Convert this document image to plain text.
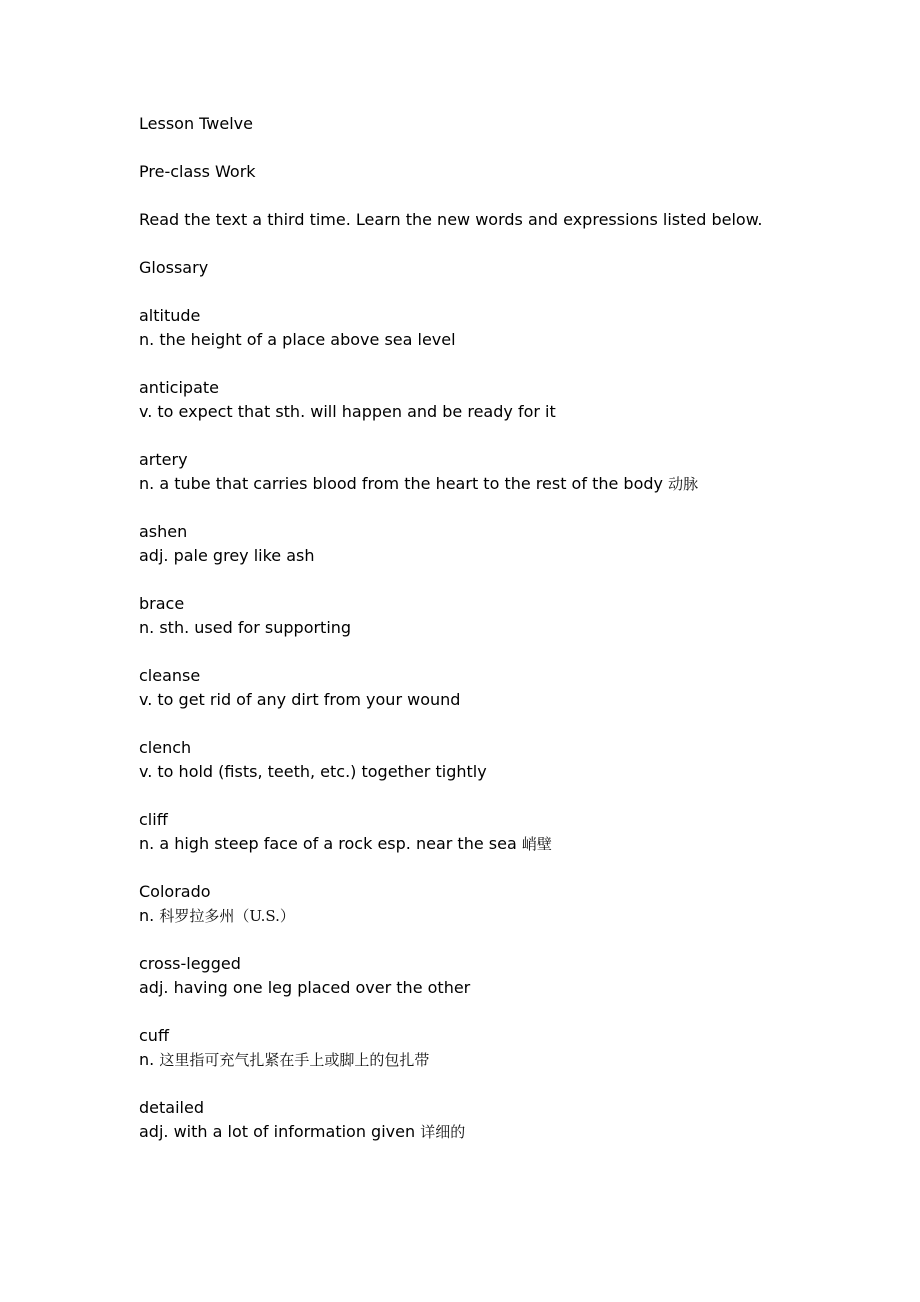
Lesson Twelve
Pre-class Work
Read the text a third time. Learn the new words and expressions listed below.
Glossary
altitude
n. the height of a place above sea level
anticipate
v. to expect that sth. will happen and be ready for it
artery
n. a tube that carries blood from the heart to the rest of the body 动脉
ashen
adj. pale grey like ash
brace
n. sth. used for supporting
cleanse
v. to get rid of any dirt from your wound
clench
v. to hold (fists, teeth, etc.) together tightly
cliff
n. a high steep face of a rock esp. near the sea 峭壁
Colorado
n. 科罗拉多州（U.S.）
cross-legged
adj. having one leg placed over the other
cuff
n. 这里指可充气扎紧在手上或脚上的包扎带
detailed
adj. with a lot of information given 详细的
